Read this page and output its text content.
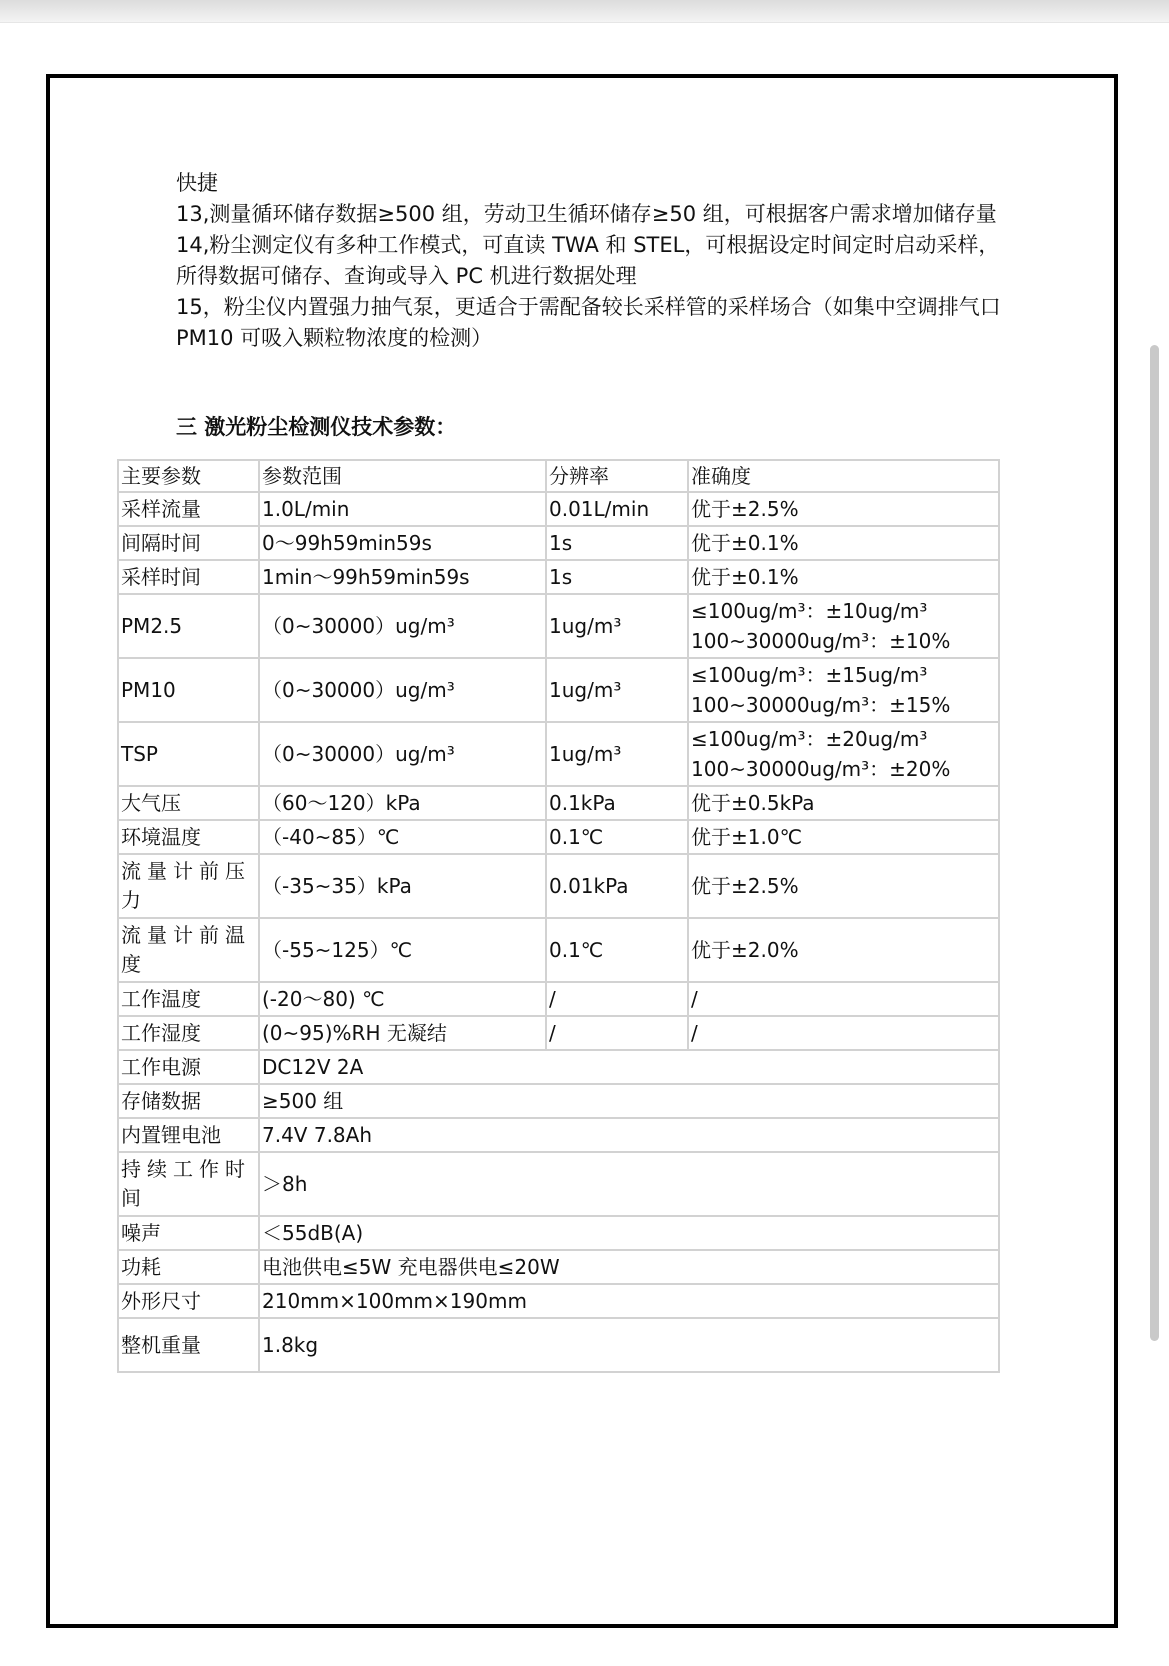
快捷

13,测量循环储存数据≥500 组，劳动卫生循环储存≥50 组，可根据客户需求增加储存量

14,粉尘测定仪有多种工作模式，可直读 TWA 和 STEL，可根据设定时间定时启动采样，所得数据可储存、查询或导入 PC 机进行数据处理

15，粉尘仪内置强力抽气泵，更适合于需配备较长采样管的采样场合（如集中空调排气口 PM10 可吸入颗粒物浓度的检测）

三 激光粉尘检测仪技术参数：
主要参数	参数范围	分辨率	准确度
采样流量	1.0L/min	0.01L/min	优于±2.5%
间隔时间	0～99h59min59s	1s	优于±0.1%
采样时间	1min～99h59min59s	1s	优于±0.1%
PM2.5	（0~30000）ug/m³	1ug/m³	≤100ug/m³：±10ug/m³
100~30000ug/m³：±10%

PM10	（0~30000）ug/m³	1ug/m³	≤100ug/m³：±15ug/m³
100~30000ug/m³：±15%

TSP	（0~30000）ug/m³	1ug/m³	≤100ug/m³：±20ug/m³
100~30000ug/m³：±20%

大气压	（60～120）kPa	0.1kPa	优于±0.5kPa
环境温度	（-40~85）℃	0.1℃	优于±1.0℃
流量计前压力	（-35~35）kPa	0.01kPa	优于±2.5%
流量计前温度	（-55~125）℃	0.1℃	优于±2.0%
工作温度	(-20～80) ℃	/	/
工作湿度	(0~95)%RH 无凝结	/	/
工作电源	DC12V 2A		
存储数据	≥500 组		
内置锂电池	7.4V 7.8Ah		
持续工作时间	＞8h		
噪声	＜55dB(A)		
功耗	电池供电≤5W 充电器供电≤20W		
外形尺寸	210mm×100mm×190mm		
整机重量	1.8kg		
